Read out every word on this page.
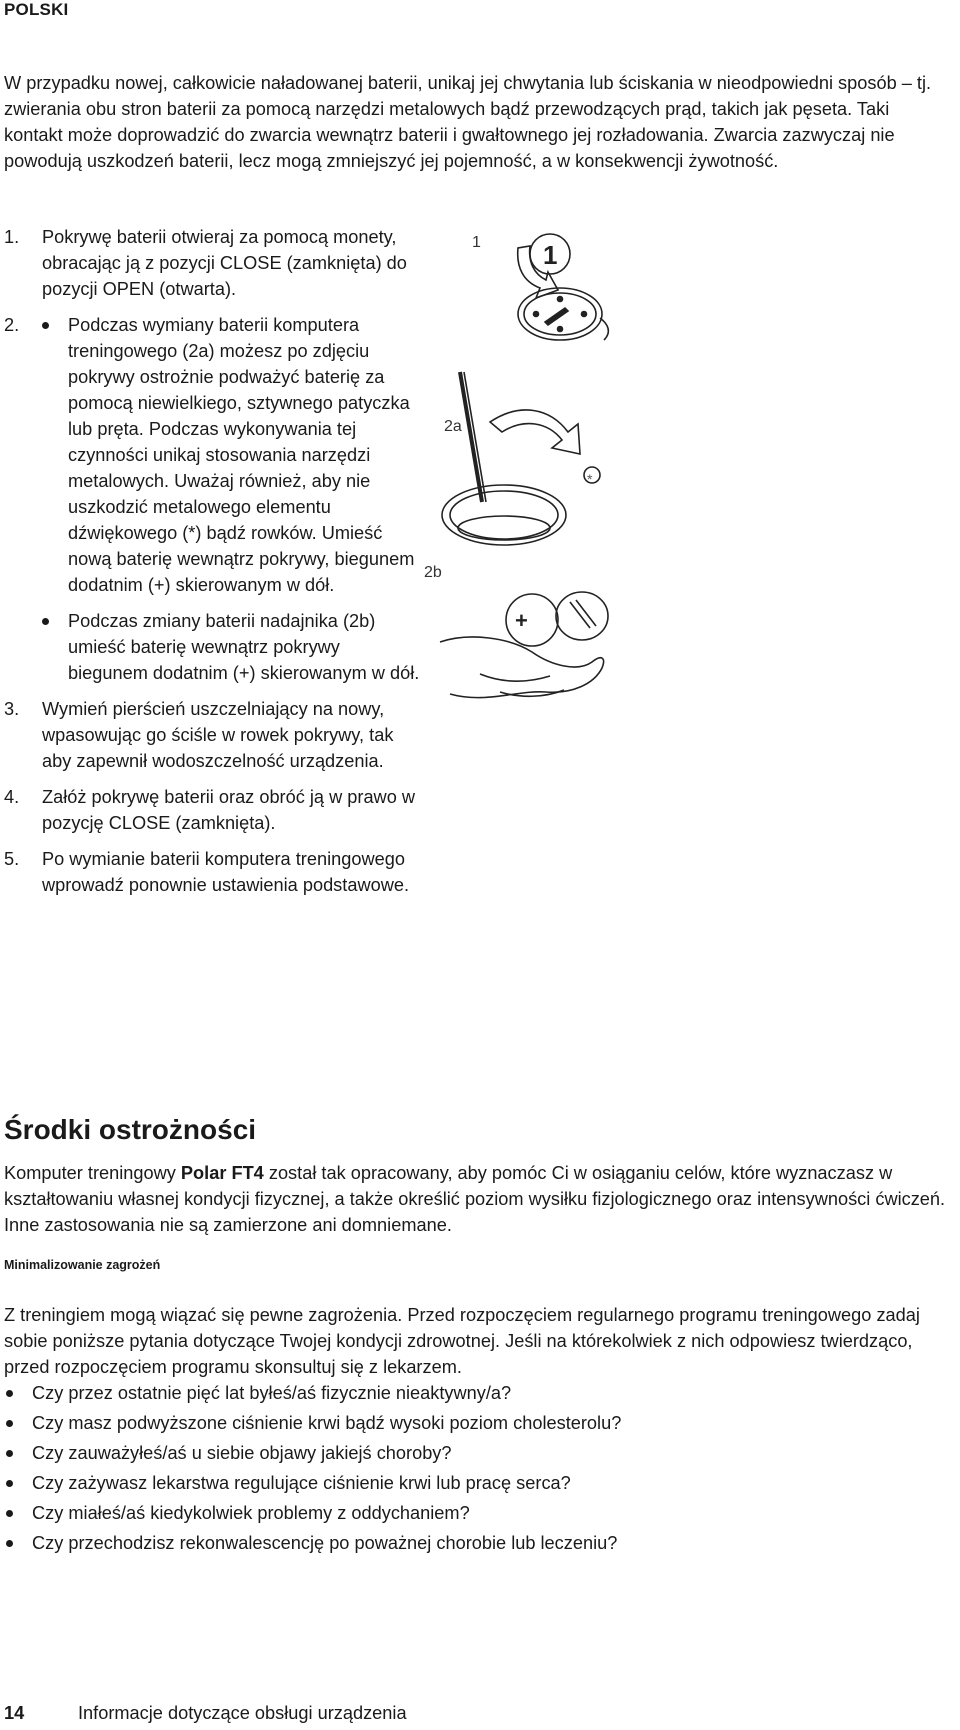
POLSKI

W przypadku nowej, całkowicie naładowanej baterii, unikaj jej chwytania lub ściskania w nieodpowiedni sposób – tj. zwierania obu stron baterii za pomocą narzędzi metalowych bądź przewodzących prąd, takich jak pęseta. Taki kontakt może doprowadzić do zwarcia wewnątrz baterii i gwałtownego jej rozładowania. Zwarcia zazwyczaj nie powodują uszkodzeń baterii, lecz mogą zmniejszyć jej pojemność, a w konsekwencji żywotność.

1. Pokrywę baterii otwieraj za pomocą monety, obracając ją z pozycji CLOSE (zamknięta) do pozycji OPEN (otwarta).
2.	Podczas wymiany baterii komputera treningowego (2a) możesz po zdjęciu pokrywy ostrożnie podważyć baterię za pomocą niewielkiego, sztywnego patyczka lub pręta. Podczas wykonywania tej czynności unikaj stosowania narzędzi metalowych. Uważaj również, aby nie uszkodzić metalowego elementu dźwiękowego (*) bądź rowków. Umieść nową baterię wewnątrz pokrywy, biegunem dodatnim (+) skierowanym w dół.
Podczas zmiany baterii nadajnika (2b) umieść baterię wewnątrz pokrywy biegunem dodatnim (+) skierowanym w dół.
3. Wymień pierścień uszczelniający na nowy, wpasowując go ściśle w rowek pokrywy, tak aby zapewnił wodoszczelność urządzenia.
4. Załóż pokrywę baterii oraz obróć ją w prawo w pozycję CLOSE (zamknięta).
5. Po wymianie baterii komputera treningowego wprowadź ponownie ustawienia podstawowe.
1
2a
2b
1
*
+
Środki ostrożności

Komputer treningowy Polar FT4 został tak opracowany, aby pomóc Ci w osiąganiu celów, które wyznaczasz w kształtowaniu własnej kondycji fizycznej, a także określić poziom wysiłku fizjologicznego oraz intensywności ćwiczeń. Inne zastosowania nie są zamierzone ani domniemane.

Minimalizowanie zagrożeń

Z treningiem mogą wiązać się pewne zagrożenia. Przed rozpoczęciem regularnego programu treningowego zadaj sobie poniższe pytania dotyczące Twojej kondycji zdrowotnej. Jeśli na którekolwiek z nich odpowiesz twierdząco, przed rozpoczęciem programu skonsultuj się z lekarzem.

Czy przez ostatnie pięć lat byłeś/aś fizycznie nieaktywny/a?
Czy masz podwyższone ciśnienie krwi bądź wysoki poziom cholesterolu?
Czy zauważyłeś/aś u siebie objawy jakiejś choroby?
Czy zażywasz lekarstwa regulujące ciśnienie krwi lub pracę serca?
Czy miałeś/aś kiedykolwiek problemy z oddychaniem?
Czy przechodzisz rekonwalescencję po poważnej chorobie lub leczeniu?
14	Informacje dotyczące obsługi urządzenia
